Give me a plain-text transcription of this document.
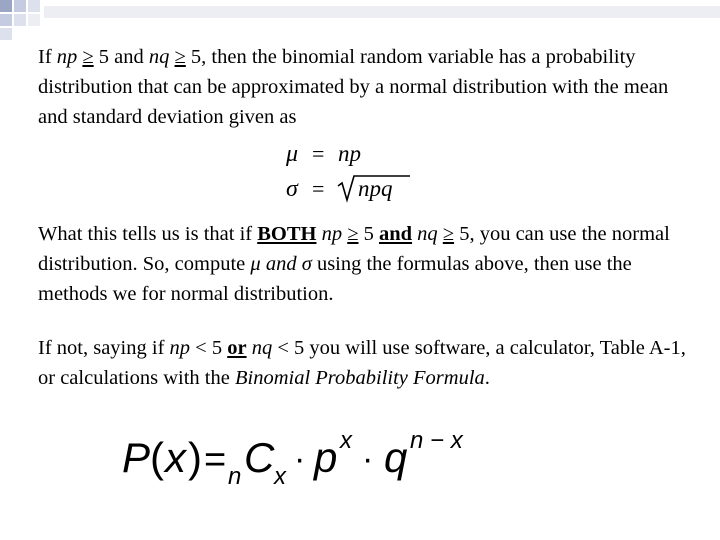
If np ≥ 5 and nq ≥ 5, then the binomial random variable has a probability distribution that can be approximated by a normal distribution with the mean and standard deviation given as

μ = np
σ = npq

What this tells us is that if BOTH np ≥ 5 and nq ≥ 5, you can use the normal distribution. So, compute μ and σ using the formulas above, then use the methods we for normal distribution.

If not, saying if np < 5 or nq < 5 you will use software, a calculator, Table A-1, or calculations with the Binomial Probability Formula.

P ( x ) = n C x · p x · q n − x
